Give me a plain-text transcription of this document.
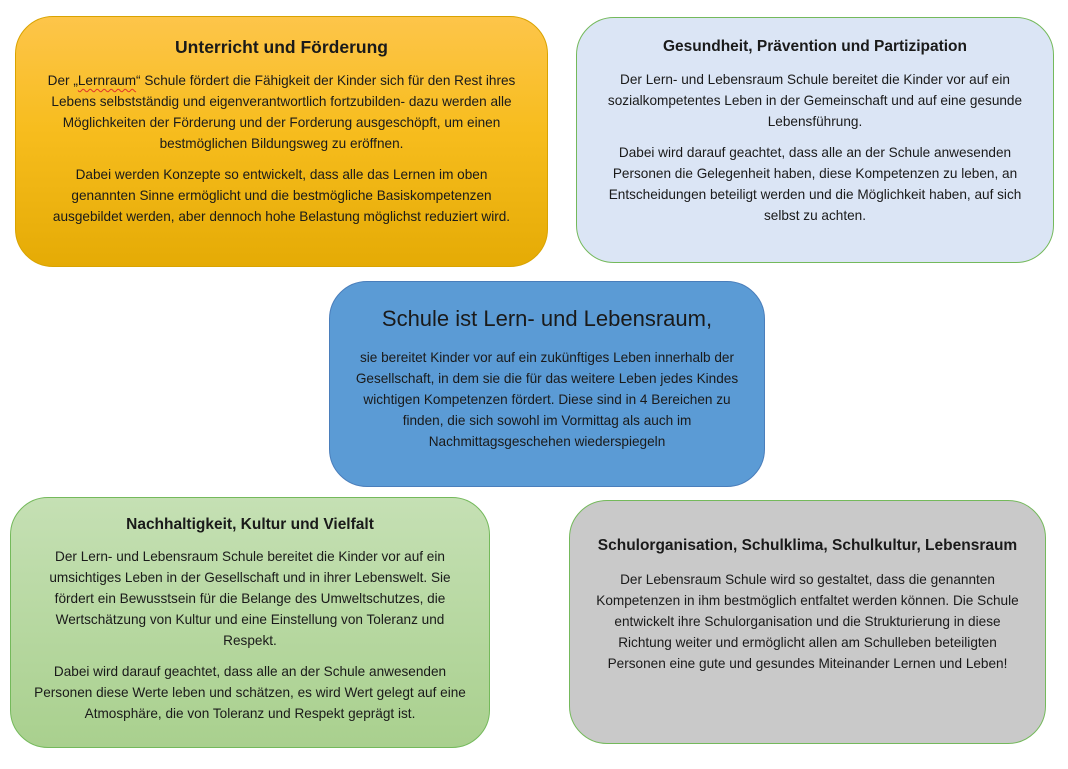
Unterricht und Förderung

Der „Lernraum“ Schule fördert die Fähigkeit der Kinder sich für den Rest ihres Lebens selbstständig und eigenverantwortlich fortzubilden- dazu werden alle Möglichkeiten der Förderung und der Forderung ausgeschöpft, um einen bestmöglichen Bildungsweg zu eröffnen.

Dabei werden Konzepte so entwickelt, dass alle das Lernen im oben genannten Sinne ermöglicht und die bestmögliche Basiskompetenzen ausgebildet werden, aber dennoch hohe Belastung möglichst reduziert wird.

Gesundheit, Prävention und Partizipation

Der Lern- und Lebensraum Schule bereitet die Kinder vor auf ein sozialkompetentes Leben in der Gemeinschaft und auf eine gesunde Lebensführung.

Dabei wird darauf geachtet, dass alle an der Schule anwesenden Personen die Gelegenheit haben, diese Kompetenzen zu leben, an Entscheidungen beteiligt werden und die Möglichkeit haben, auf sich selbst zu achten.

Schule ist Lern- und Lebensraum,

sie bereitet Kinder vor auf ein zukünftiges Leben innerhalb der Gesellschaft, in dem sie die für das weitere Leben jedes Kindes wichtigen Kompetenzen fördert. Diese sind in 4 Bereichen zu finden, die sich sowohl im Vormittag als auch im Nachmittagsgeschehen wiederspiegeln

Nachhaltigkeit, Kultur und Vielfalt

Der Lern- und Lebensraum Schule bereitet die Kinder vor auf ein umsichtiges Leben in der Gesellschaft und in ihrer Lebenswelt. Sie fördert ein Bewusstsein für die Belange des Umweltschutzes, die Wertschätzung von Kultur und eine Einstellung von Toleranz und Respekt.

Dabei wird darauf geachtet, dass alle an der Schule anwesenden Personen diese Werte leben und schätzen, es wird Wert gelegt auf eine Atmosphäre, die von Toleranz und Respekt geprägt ist.

Schulorganisation, Schulklima, Schulkultur, Lebensraum

Der Lebensraum Schule wird so gestaltet, dass die genannten Kompetenzen in ihm bestmöglich entfaltet werden können. Die Schule entwickelt ihre Schulorganisation und die Strukturierung in diese Richtung weiter und ermöglicht allen am Schulleben beteiligten Personen eine gute und gesundes Miteinander Lernen und Leben!
